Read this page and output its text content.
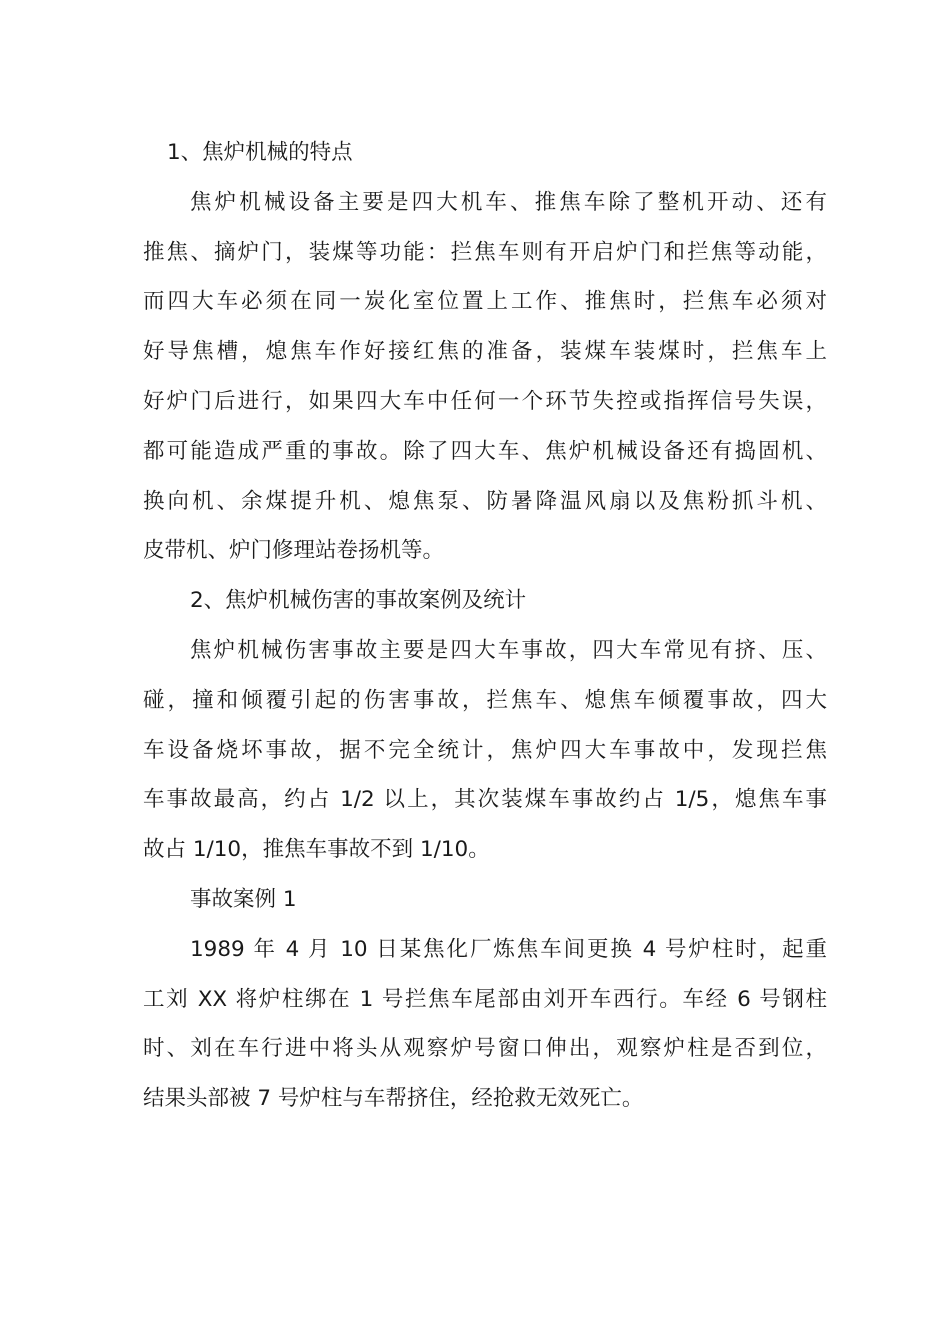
1、焦炉机械的特点
焦炉机械设备主要是四大机车、推焦车除了整机开动、还有
推焦、摘炉门，装煤等功能：拦焦车则有开启炉门和拦焦等动能，
而四大车必须在同一炭化室位置上工作、推焦时，拦焦车必须对
好导焦槽，熄焦车作好接红焦的准备，装煤车装煤时，拦焦车上
好炉门后进行，如果四大车中任何一个环节失控或指挥信号失误，
都可能造成严重的事故。除了四大车、焦炉机械设备还有捣固机、
换向机、余煤提升机、熄焦泵、防暑降温风扇以及焦粉抓斗机、
皮带机、炉门修理站卷扬机等。
2、焦炉机械伤害的事故案例及统计
焦炉机械伤害事故主要是四大车事故，四大车常见有挤、压、
碰，撞和倾覆引起的伤害事故，拦焦车、熄焦车倾覆事故，四大
车设备烧坏事故，据不完全统计，焦炉四大车事故中，发现拦焦
车事故最高，约占 1/2 以上，其次装煤车事故约占 1/5，熄焦车事
故占 1/10，推焦车事故不到 1/10。
事故案例 1
1989 年 4 月 10 日某焦化厂炼焦车间更换 4 号炉柱时，起重
工刘 XX 将炉柱绑在 1 号拦焦车尾部由刘开车西行。车经 6 号钢柱
时、刘在车行进中将头从观察炉号窗口伸出，观察炉柱是否到位，
结果头部被 7 号炉柱与车帮挤住，经抢救无效死亡。
